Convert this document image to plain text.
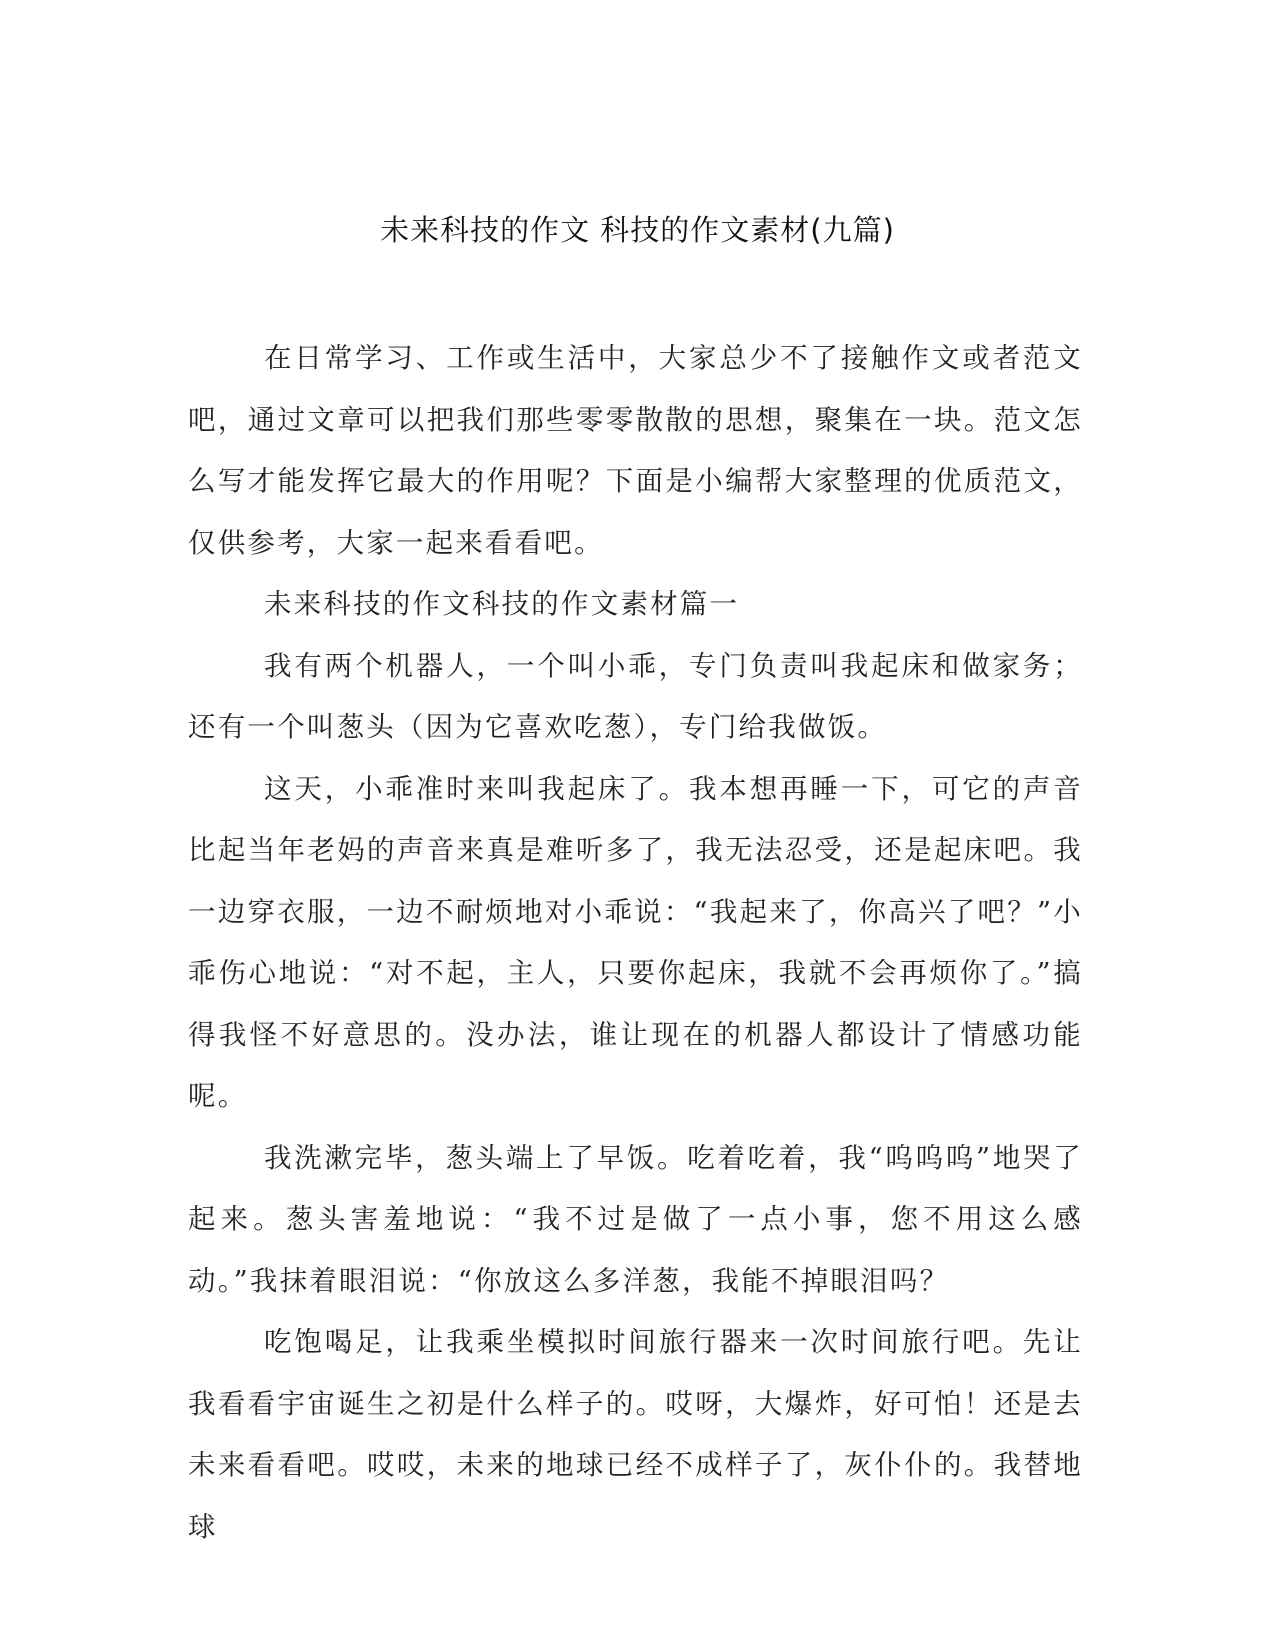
未来科技的作文 科技的作文素材(九篇)

在日常学习、工作或生活中，大家总少不了接触作文或者范文吧，通过文章可以把我们那些零零散散的思想，聚集在一块。范文怎么写才能发挥它最大的作用呢？下面是小编帮大家整理的优质范文，仅供参考，大家一起来看看吧。

未来科技的作文科技的作文素材篇一

我有两个机器人，一个叫小乖，专门负责叫我起床和做家务；还有一个叫葱头（因为它喜欢吃葱），专门给我做饭。

这天，小乖准时来叫我起床了。我本想再睡一下，可它的声音比起当年老妈的声音来真是难听多了，我无法忍受，还是起床吧。我一边穿衣服，一边不耐烦地对小乖说：“我起来了，你高兴了吧？”小乖伤心地说：“对不起，主人，只要你起床，我就不会再烦你了。”搞得我怪不好意思的。没办法，谁让现在的机器人都设计了情感功能呢。

我洗漱完毕，葱头端上了早饭。吃着吃着，我“呜呜呜”地哭了起来。葱头害羞地说：“我不过是做了一点小事，您不用这么感动。”我抹着眼泪说：“你放这么多洋葱，我能不掉眼泪吗？

吃饱喝足，让我乘坐模拟时间旅行器来一次时间旅行吧。先让我看看宇宙诞生之初是什么样子的。哎呀，大爆炸，好可怕！还是去未来看看吧。哎哎，未来的地球已经不成样子了，灰仆仆的。我替地球
